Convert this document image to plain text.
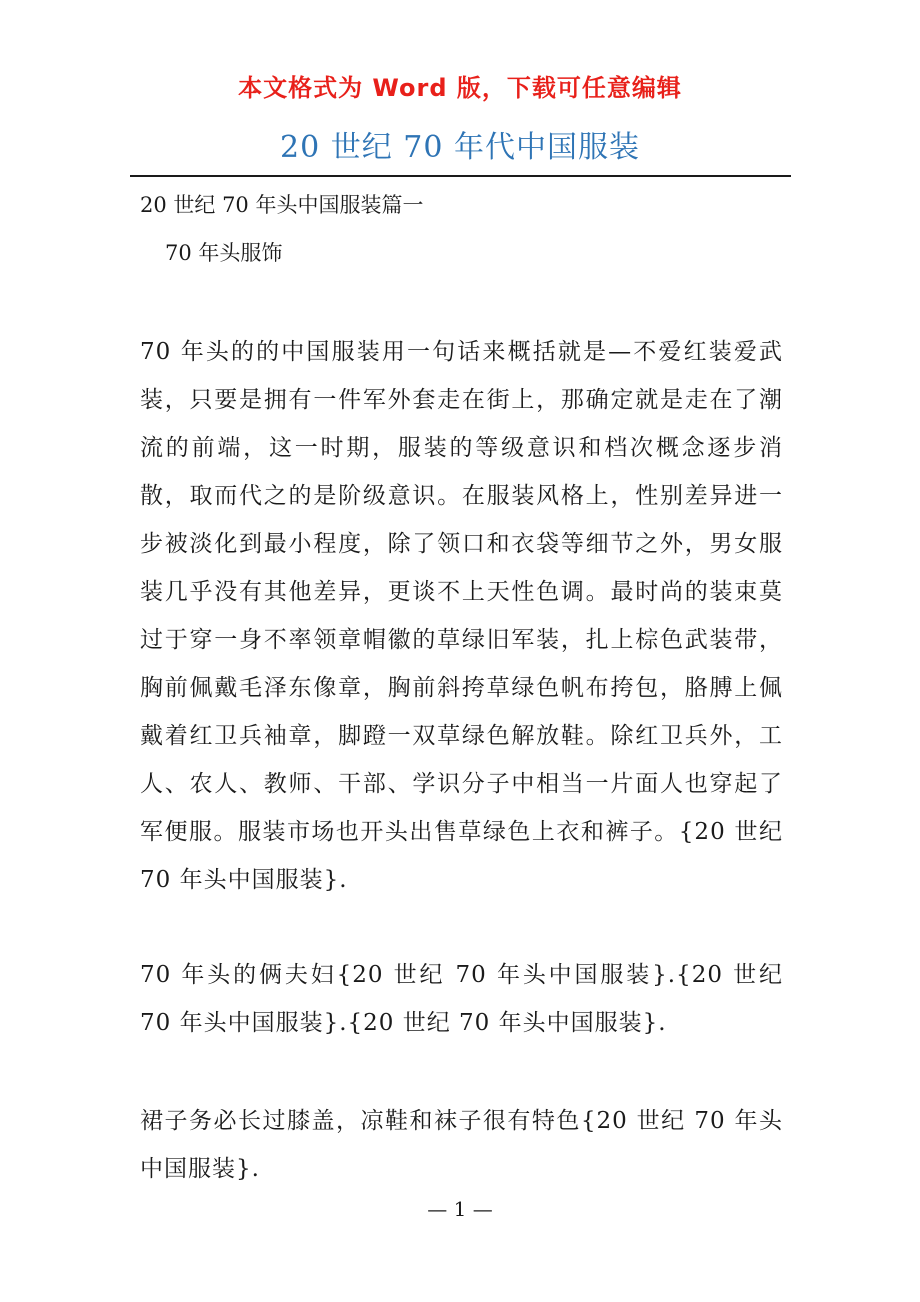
本文格式为 Word 版，下载可任意编辑
20 世纪 70 年代中国服装
20 世纪 70 年头中国服装篇一
70 年头服饰

70 年头的的中国服装用一句话来概括就是—不爱红装爱武装，只要是拥有一件军外套走在街上，那确定就是走在了潮流的前端，这一时期，服装的等级意识和档次概念逐步消散，取而代之的是阶级意识。在服装风格上，性别差异进一步被淡化到最小程度，除了领口和衣袋等细节之外，男女服装几乎没有其他差异，更谈不上天性色调。最时尚的装束莫过于穿一身不率领章帽徽的草绿旧军装，扎上棕色武装带，胸前佩戴毛泽东像章，胸前斜挎草绿色帆布挎包，胳膊上佩戴着红卫兵袖章，脚蹬一双草绿色解放鞋。除红卫兵外，工人、农人、教师、干部、学识分子中相当一片面人也穿起了军便服。服装市场也开头出售草绿色上衣和裤子。{20 世纪 70 年头中国服装}.

70 年头的俩夫妇{20 世纪 70 年头中国服装}.{20 世纪 70 年头中国服装}.{20 世纪 70 年头中国服装}.

裙子务必长过膝盖，凉鞋和袜子很有特色{20 世纪 70 年头中国服装}.

— 1 —
